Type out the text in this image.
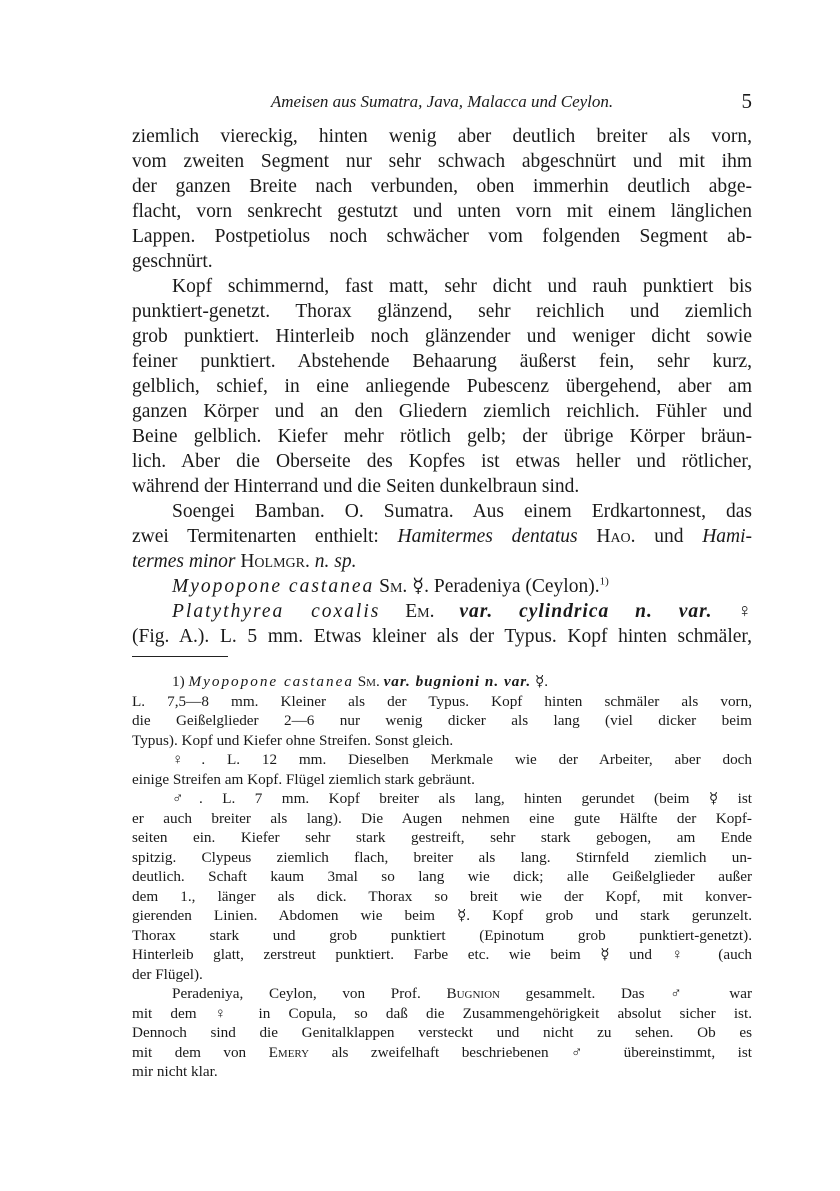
Ameisen aus Sumatra, Java, Malacca und Ceylon.	5
ziemlich viereckig, hinten wenig aber deutlich breiter als vorn,
vom zweiten Segment nur sehr schwach abgeschnürt und mit ihm
der ganzen Breite nach verbunden, oben immerhin deutlich abge-
flacht, vorn senkrecht gestutzt und unten vorn mit einem länglichen
Lappen. Postpetiolus noch schwächer vom folgenden Segment ab-
geschnürt.
Kopf schimmernd, fast matt, sehr dicht und rauh punktiert bis
punktiert-genetzt. Thorax glänzend, sehr reichlich und ziemlich
grob punktiert. Hinterleib noch glänzender und weniger dicht sowie
feiner punktiert. Abstehende Behaarung äußerst fein, sehr kurz,
gelblich, schief, in eine anliegende Pubescenz übergehend, aber am
ganzen Körper und an den Gliedern ziemlich reichlich. Fühler und
Beine gelblich. Kiefer mehr rötlich gelb; der übrige Körper bräun-
lich. Aber die Oberseite des Kopfes ist etwas heller und rötlicher,
während der Hinterrand und die Seiten dunkelbraun sind.
Soengei Bamban. O. Sumatra. Aus einem Erdkartonnest, das
zwei Termitenarten enthielt: Hamitermes dentatus Hao. und Hami-
termes minor Holmgr. n. sp.
Myopopone castanea Sm. ☿. Peradeniya (Ceylon).$^{1)}$
Platythyrea coxalis Em. var. cylindrica n. var. ♀
(Fig. A.). L. 5 mm. Etwas kleiner als der Typus. Kopf hinten schmäler,
1) Myopopone castanea Sm. var. bugnioni n. var. ☿.
L. 7,5—8 mm. Kleiner als der Typus. Kopf hinten schmäler als vorn,
die Geißelglieder 2—6 nur wenig dicker als lang (viel dicker beim
Typus). Kopf und Kiefer ohne Streifen. Sonst gleich.
♀. L. 12 mm. Dieselben Merkmale wie der Arbeiter, aber doch
einige Streifen am Kopf. Flügel ziemlich stark gebräunt.
♂. L. 7 mm. Kopf breiter als lang, hinten gerundet (beim ☿ ist
er auch breiter als lang). Die Augen nehmen eine gute Hälfte der Kopf-
seiten ein. Kiefer sehr stark gestreift, sehr stark gebogen, am Ende
spitzig. Clypeus ziemlich flach, breiter als lang. Stirnfeld ziemlich un-
deutlich. Schaft kaum 3mal so lang wie dick; alle Geißelglieder außer
dem 1., länger als dick. Thorax so breit wie der Kopf, mit konver-
gierenden Linien. Abdomen wie beim ☿. Kopf grob und stark gerunzelt.
Thorax stark und grob punktiert (Epinotum grob punktiert-genetzt).
Hinterleib glatt, zerstreut punktiert. Farbe etc. wie beim ☿ und ♀ (auch
der Flügel).
Peradeniya, Ceylon, von Prof. Bugnion gesammelt. Das ♂ war
mit dem ♀ in Copula, so daß die Zusammengehörigkeit absolut sicher ist.
Dennoch sind die Genitalklappen versteckt und nicht zu sehen. Ob es
mit dem von Emery als zweifelhaft beschriebenen ♂ übereinstimmt, ist
mir nicht klar.
